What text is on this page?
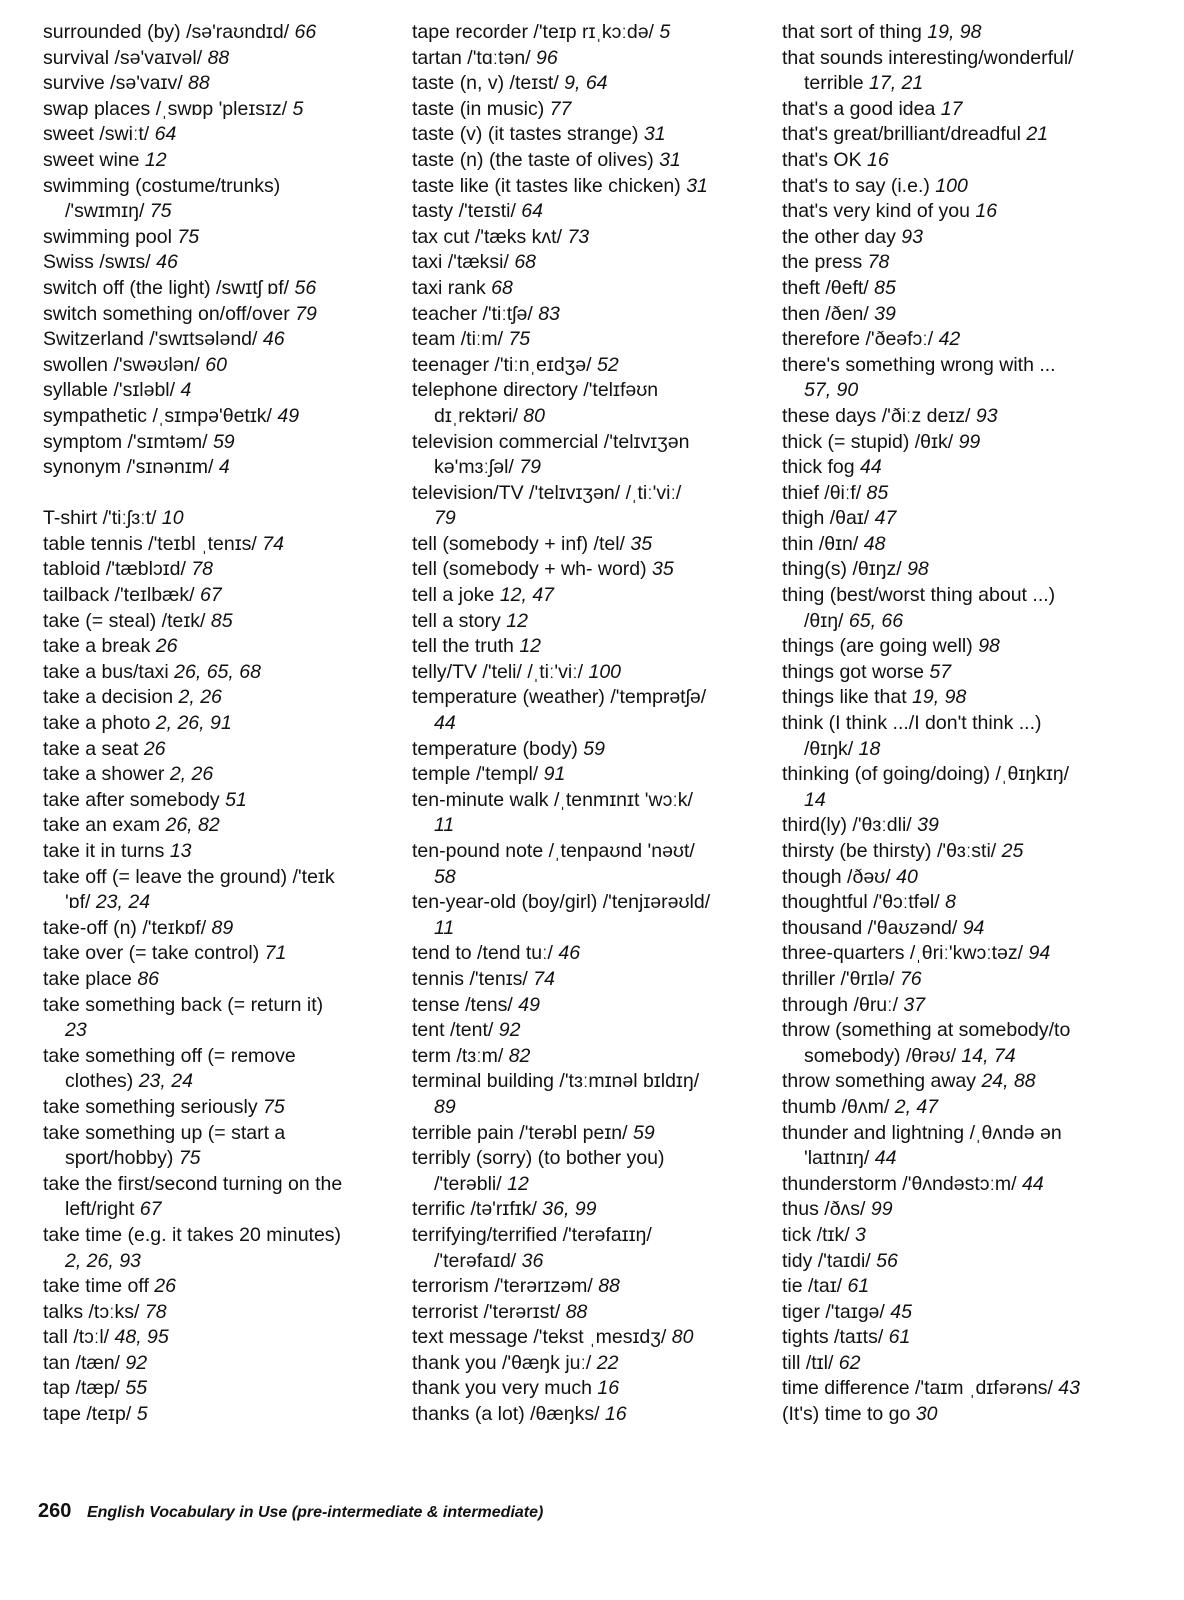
surrounded (by) /sə'raʊndɪd/ 66
survival /sə'vaɪvəl/ 88
survive /sə'vaɪv/ 88
swap places /ˌswɒp 'pleɪsɪz/ 5
sweet /swiːt/ 64
sweet wine 12
swimming (costume/trunks)
/'swɪmɪŋ/ 75
swimming pool 75
Swiss /swɪs/ 46
switch off (the light) /swɪtʃ ɒf/ 56
switch something on/off/over 79
Switzerland /'swɪtsələnd/ 46
swollen /'swəʊlən/ 60
syllable /'sɪləbl/ 4
sympathetic /ˌsɪmpə'θetɪk/ 49
symptom /'sɪmtəm/ 59
synonym /'sɪnənɪm/ 4
T-shirt /'tiːʃɜːt/ 10
table tennis /'teɪbl ˌtenɪs/ 74
tabloid /'tæblɔɪd/ 78
tailback /'teɪlbæk/ 67
take (= steal) /teɪk/ 85
take a break 26
take a bus/taxi 26, 65, 68
take a decision 2, 26
take a photo 2, 26, 91
take a seat 26
take a shower 2, 26
take after somebody 51
take an exam 26, 82
take it in turns 13
take off (= leave the ground) /'teɪk
'ɒf/ 23, 24
take-off (n) /'teɪkɒf/ 89
take over (= take control) 71
take place 86
take something back (= return it)
23
take something off (= remove
clothes) 23, 24
take something seriously 75
take something up (= start a
sport/hobby) 75
take the first/second turning on the
left/right 67
take time (e.g. it takes 20 minutes)
2, 26, 93
take time off 26
talks /tɔːks/ 78
tall /tɔːl/ 48, 95
tan /tæn/ 92
tap /tæp/ 55
tape /teɪp/ 5
tape recorder /'teɪp rɪˌkɔːdə/ 5
tartan /'tɑːtən/ 96
taste (n, v) /teɪst/ 9, 64
taste (in music) 77
taste (v) (it tastes strange) 31
taste (n) (the taste of olives) 31
taste like (it tastes like chicken) 31
tasty /'teɪsti/ 64
tax cut /'tæks kʌt/ 73
taxi /'tæksi/ 68
taxi rank 68
teacher /'tiːtʃə/ 83
team /tiːm/ 75
teenager /'tiːnˌeɪdʒə/ 52
telephone directory /'telɪfəʊn
dɪˌrektəri/ 80
television commercial /'telɪvɪʒən
kə'mɜːʃəl/ 79
television/TV /'telɪvɪʒən/ /ˌtiː'viː/
79
tell (somebody + inf) /tel/ 35
tell (somebody + wh- word) 35
tell a joke 12, 47
tell a story 12
tell the truth 12
telly/TV /'teli/ /ˌtiː'viː/ 100
temperature (weather) /'temprətʃə/
44
temperature (body) 59
temple /'templ/ 91
ten-minute walk /ˌtenmɪnɪt 'wɔːk/
11
ten-pound note /ˌtenpaʊnd 'nəʊt/
58
ten-year-old (boy/girl) /'tenjɪərəʊld/
11
tend to /tend tuː/ 46
tennis /'tenɪs/ 74
tense /tens/ 49
tent /tent/ 92
term /tɜːm/ 82
terminal building /'tɜːmɪnəl bɪldɪŋ/
89
terrible pain /'terəbl peɪn/ 59
terribly (sorry) (to bother you)
/'terəbli/ 12
terrific /tə'rɪfɪk/ 36, 99
terrifying/terrified /'terəfaɪɪŋ/
/'terəfaɪd/ 36
terrorism /'terərɪzəm/ 88
terrorist /'terərɪst/ 88
text message /'tekst ˌmesɪdʒ/ 80
thank you /'θæŋk juː/ 22
thank you very much 16
thanks (a lot) /θæŋks/ 16
that sort of thing 19, 98
that sounds interesting/wonderful/
terrible 17, 21
that's a good idea 17
that's great/brilliant/dreadful 21
that's OK 16
that's to say (i.e.) 100
that's very kind of you 16
the other day 93
the press 78
theft /θeft/ 85
then /ðen/ 39
therefore /'ðeəfɔː/ 42
there's something wrong with ...
57, 90
these days /'ðiːz deɪz/ 93
thick (= stupid) /θɪk/ 99
thick fog 44
thief /θiːf/ 85
thigh /θaɪ/ 47
thin /θɪn/ 48
thing(s) /θɪŋz/ 98
thing (best/worst thing about ...)
/θɪŋ/ 65, 66
things (are going well) 98
things got worse 57
things like that 19, 98
think (I think .../I don't think ...)
/θɪŋk/ 18
thinking (of going/doing) /ˌθɪŋkɪŋ/
14
third(ly) /'θɜːdli/ 39
thirsty (be thirsty) /'θɜːsti/ 25
though /ðəʊ/ 40
thoughtful /'θɔːtfəl/ 8
thousand /'θaʊzənd/ 94
three-quarters /ˌθriː'kwɔːtəz/ 94
thriller /'θrɪlə/ 76
through /θruː/ 37
throw (something at somebody/to
somebody) /θrəʊ/ 14, 74
throw something away 24, 88
thumb /θʌm/ 2, 47
thunder and lightning /ˌθʌndə ən
'laɪtnɪŋ/ 44
thunderstorm /'θʌndəstɔːm/ 44
thus /ðʌs/ 99
tick /tɪk/ 3
tidy /'taɪdi/ 56
tie /taɪ/ 61
tiger /'taɪgə/ 45
tights /taɪts/ 61
till /tɪl/ 62
time difference /'taɪm ˌdɪfərəns/ 43
(It's) time to go 30
260 English Vocabulary in Use (pre-intermediate & intermediate)
